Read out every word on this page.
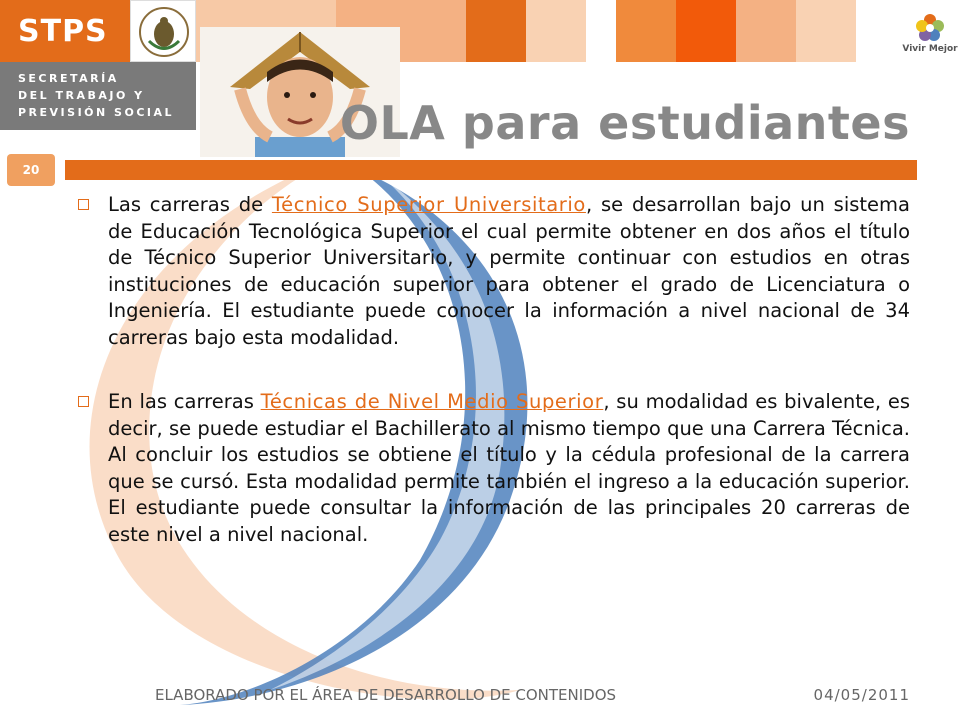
STPS
SECRETARÍA
DEL TRABAJO Y
PREVISIÓN SOCIAL
Vivir Mejor
OLA para estudiantes
20
Las carreras de Técnico Superior Universitario, se desarrollan bajo un sistema de Educación Tecnológica Superior el cual permite obtener en dos años el título de Técnico Superior Universitario, y permite continuar con estudios en otras instituciones de educación superior para obtener el grado de Licenciatura o Ingeniería. El estudiante puede conocer la información a nivel nacional de 34 carreras bajo esta modalidad.
En las carreras Técnicas de Nivel Medio Superior, su modalidad es bivalente, es decir, se puede estudiar el Bachillerato al mismo tiempo que una Carrera Técnica. Al concluir los estudios se obtiene el título y la cédula profesional de la carrera que se cursó. Esta modalidad permite también el ingreso a la educación superior. El estudiante puede consultar la información de las principales 20 carreras de este nivel a nivel nacional.
ELABORADO POR EL ÁREA DE DESARROLLO DE CONTENIDOS	04/05/2011
